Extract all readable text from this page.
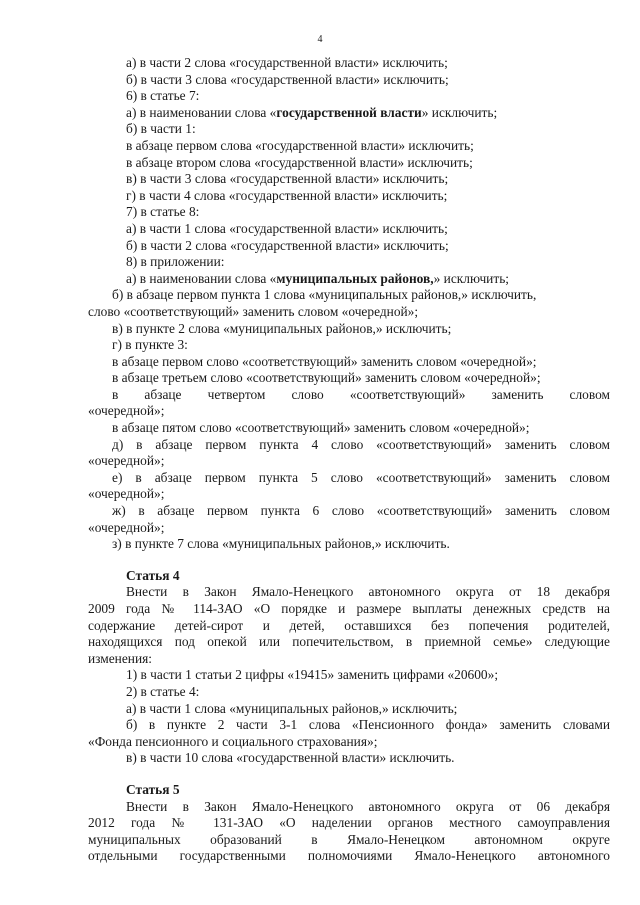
4
а) в части 2 слова «государственной власти» исключить;
б) в части 3 слова «государственной власти» исключить;
6) в статье 7:
а) в наименовании слова «государственной власти» исключить;
б) в части 1:
в абзаце первом слова «государственной власти» исключить;
в абзаце втором слова «государственной власти» исключить;
в) в части 3 слова «государственной власти» исключить;
г) в части 4 слова «государственной власти» исключить;
7) в статье 8:
а) в части 1 слова «государственной власти» исключить;
б) в части 2 слова «государственной власти» исключить;
8) в приложении:
а) в наименовании слова «муниципальных районов,» исключить;
б) в абзаце первом пункта 1 слова «муниципальных районов,» исключить,
слово «соответствующий» заменить словом «очередной»;
в) в пункте 2 слова «муниципальных районов,» исключить;
г) в пункте 3:
в абзаце первом слово «соответствующий» заменить словом «очередной»;
в абзаце третьем слово «соответствующий» заменить словом «очередной»;
в абзаце четвертом слово «соответствующий» заменить словом
«очередной»;
в абзаце пятом слово «соответствующий» заменить словом «очередной»;
д) в абзаце первом пункта 4 слово «соответствующий» заменить словом
«очередной»;
е) в абзаце первом пункта 5 слово «соответствующий» заменить словом
«очередной»;
ж) в абзаце первом пункта 6 слово «соответствующий» заменить словом
«очередной»;
з) в пункте 7 слова «муниципальных районов,» исключить.
Статья 4
Внести в Закон Ямало-Ненецкого автономного округа от 18 декабря
2009 года № 114-ЗАО «О порядке и размере выплаты денежных средств на
содержание детей-сирот и детей, оставшихся без попечения родителей,
находящихся под опекой или попечительством, в приемной семье» следующие
изменения:
1) в части 1 статьи 2 цифры «19415» заменить цифрами «20600»;
2) в статье 4:
а) в части 1 слова «муниципальных районов,» исключить;
б) в пункте 2 части 3-1 слова «Пенсионного фонда» заменить словами
«Фонда пенсионного и социального страхования»;
в) в части 10 слова «государственной власти» исключить.
Статья 5
Внести в Закон Ямало-Ненецкого автономного округа от 06 декабря
2012 года № 131-ЗАО «О наделении органов местного самоуправления
муниципальных образований в Ямало-Ненецком автономном округе
отдельными государственными полномочиями Ямало-Ненецкого автономного
